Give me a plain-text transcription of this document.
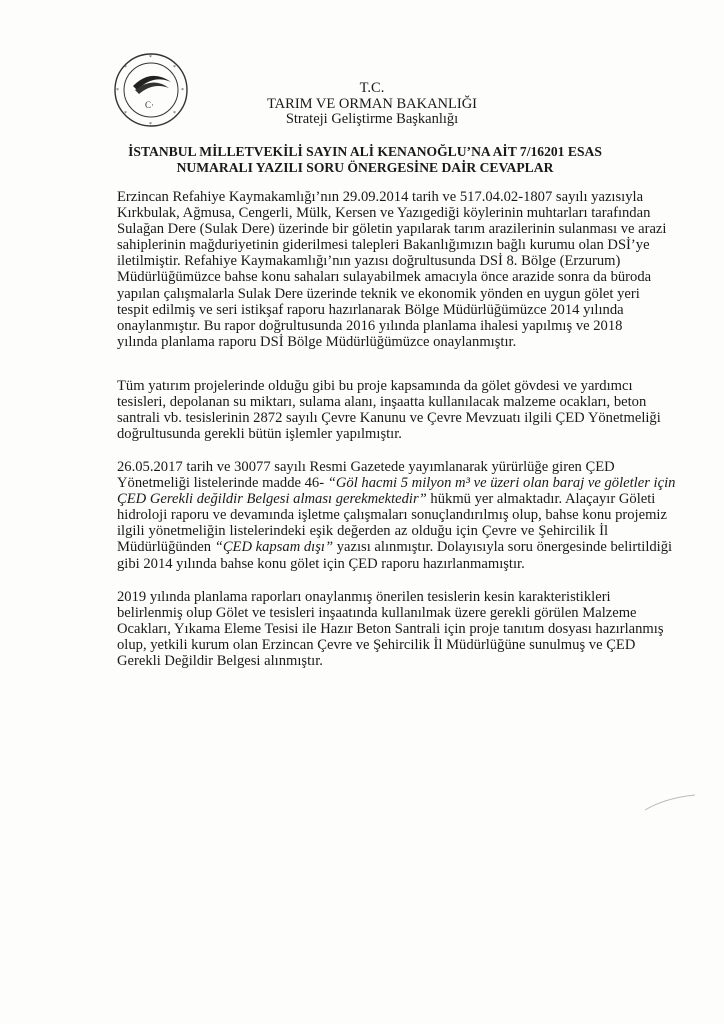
*
*
*
*
*
*
*
*
C·
T.C.
TARIM VE ORMAN BAKANLIĞI
Strateji Geliştirme Başkanlığı
İSTANBUL MİLLETVEKİLİ SAYIN ALİ KENANOĞLU’NA AİT 7/16201 ESAS
NUMARALI YAZILI SORU ÖNERGESİNE DAİR CEVAPLAR
Erzincan Refahiye Kaymakamlığı’nın 29.09.2014 tarih ve 517.04.02-1807 sayılı yazısıyla
Kırkbulak, Ağmusa, Cengerli, Mülk, Kersen ve Yazıgediği köylerinin muhtarları tarafından
Sulağan Dere (Sulak Dere) üzerinde bir göletin yapılarak tarım arazilerinin sulanması ve arazi
sahiplerinin mağduriyetinin giderilmesi talepleri Bakanlığımızın bağlı kurumu olan DSİ’ye
iletilmiştir. Refahiye Kaymakamlığı’nın yazısı doğrultusunda DSİ 8. Bölge (Erzurum)
Müdürlüğümüzce bahse konu sahaları sulayabilmek amacıyla önce arazide sonra da büroda
yapılan çalışmalarla Sulak Dere üzerinde teknik ve ekonomik yönden en uygun gölet yeri
tespit edilmiş ve seri istikşaf raporu hazırlanarak Bölge Müdürlüğümüzce 2014 yılında
onaylanmıştır. Bu rapor doğrultusunda 2016 yılında planlama ihalesi yapılmış ve 2018
yılında planlama raporu DSİ Bölge Müdürlüğümüzce onaylanmıştır.
Tüm yatırım projelerinde olduğu gibi bu proje kapsamında da gölet gövdesi ve yardımcı
tesisleri, depolanan su miktarı, sulama alanı, inşaatta kullanılacak malzeme ocakları, beton
santrali vb. tesislerinin 2872 sayılı Çevre Kanunu ve Çevre Mevzuatı ilgili ÇED Yönetmeliği
doğrultusunda gerekli bütün işlemler yapılmıştır.
26.05.2017 tarih ve 30077 sayılı Resmi Gazetede yayımlanarak yürürlüğe giren ÇED
Yönetmeliği listelerinde madde 46- “Göl hacmi 5 milyon m³ ve üzeri olan baraj ve göletler için
ÇED Gerekli değildir Belgesi alması gerekmektedir” hükmü yer almaktadır. Alaçayır Göleti
hidroloji raporu ve devamında işletme çalışmaları sonuçlandırılmış olup, bahse konu projemiz
ilgili yönetmeliğin listelerindeki eşik değerden az olduğu için Çevre ve Şehircilik İl
Müdürlüğünden “ÇED kapsam dışı” yazısı alınmıştır. Dolayısıyla soru önergesinde belirtildiği
gibi 2014 yılında bahse konu gölet için ÇED raporu hazırlanmamıştır.
2019 yılında planlama raporları onaylanmış önerilen tesislerin kesin karakteristikleri
belirlenmiş olup Gölet ve tesisleri inşaatında kullanılmak üzere gerekli görülen Malzeme
Ocakları, Yıkama Eleme Tesisi ile Hazır Beton Santrali için proje tanıtım dosyası hazırlanmış
olup, yetkili kurum olan Erzincan Çevre ve Şehircilik İl Müdürlüğüne sunulmuş ve ÇED
Gerekli Değildir Belgesi alınmıştır.
